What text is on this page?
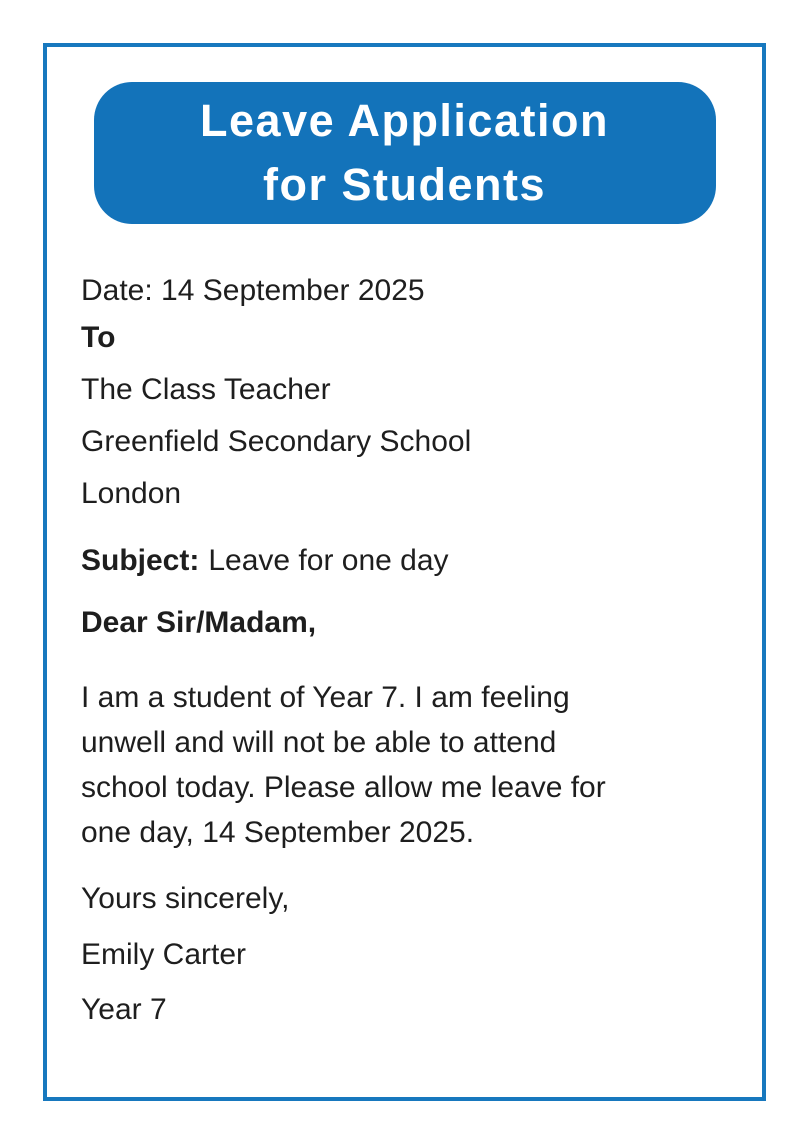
Leave Application
for Students
Date: 14 September 2025
To
The Class Teacher
Greenfield Secondary School
London
Subject: Leave for one day
Dear Sir/Madam,
I am a student of Year 7. I am feeling
unwell and will not be able to attend
school today. Please allow me leave for
one day, 14 September 2025.
Yours sincerely,
Emily Carter
Year 7
